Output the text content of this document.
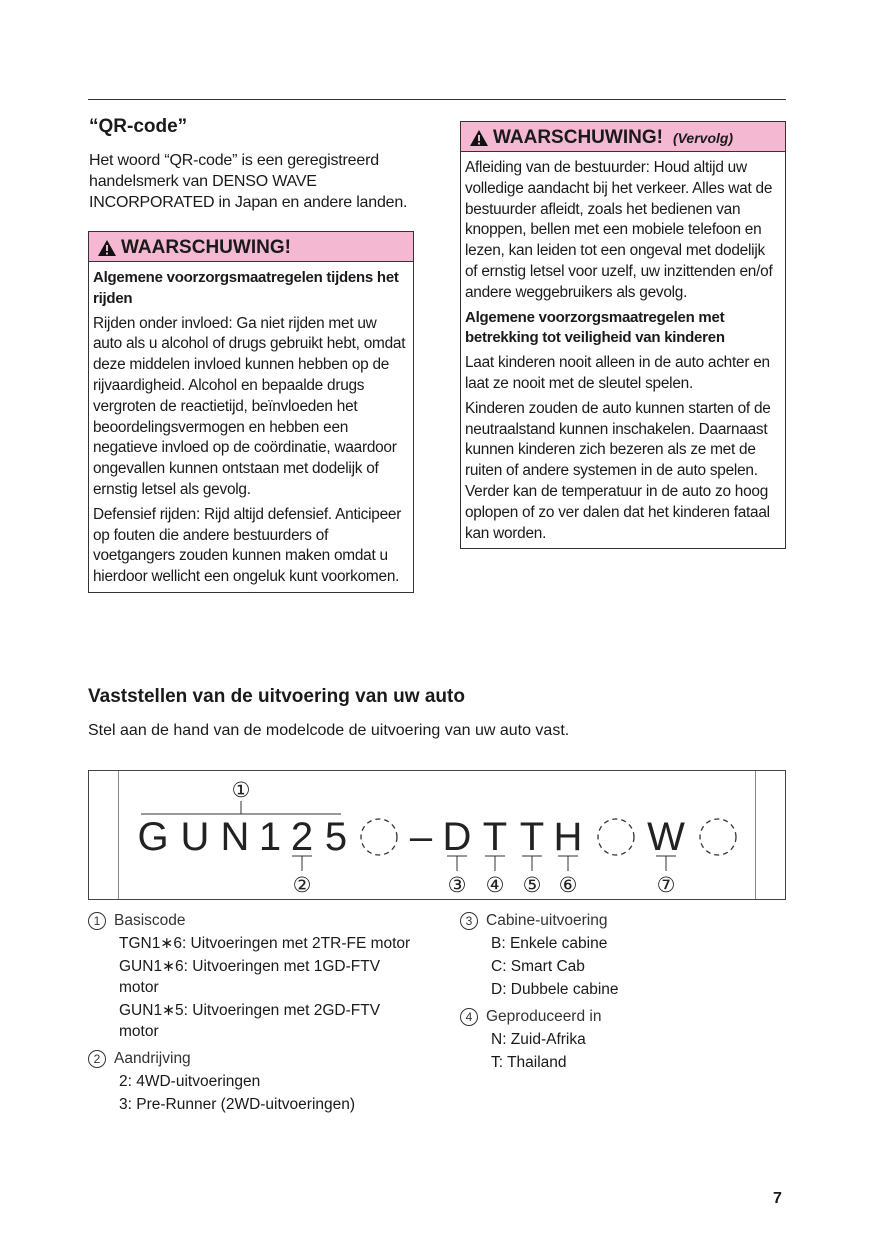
“QR-code”

Het woord “QR-code” is een geregistreerd handelsmerk van DENSO WAVE INCORPORATED in Japan en andere landen.

WAARSCHUWING!

Algemene voorzorgsmaatregelen tijdens het rijden

Rijden onder invloed: Ga niet rijden met uw auto als u alcohol of drugs gebruikt hebt, omdat deze middelen invloed kunnen hebben op de rijvaardigheid. Alcohol en bepaalde drugs vergroten de reactietijd, beïnvloeden het beoordelingsvermogen en hebben een negatieve invloed op de coördinatie, waardoor ongevallen kunnen ontstaan met dodelijk of ernstig letsel als gevolg.

Defensief rijden: Rijd altijd defensief. Anticipeer op fouten die andere bestuurders of voetgangers zouden kunnen maken omdat u hierdoor wellicht een ongeluk kunt voorkomen.

WAARSCHUWING! (Vervolg)

Afleiding van de bestuurder: Houd altijd uw volledige aandacht bij het verkeer. Alles wat de bestuurder afleidt, zoals het bedienen van knoppen, bellen met een mobiele telefoon en lezen, kan leiden tot een ongeval met dodelijk of ernstig letsel voor uzelf, uw inzittenden en/of andere weggebruikers als gevolg.

Algemene voorzorgsmaatregelen met betrekking tot veiligheid van kinderen

Laat kinderen nooit alleen in de auto achter en laat ze nooit met de sleutel spelen.

Kinderen zouden de auto kunnen starten of de neutraalstand kunnen inschakelen. Daarnaast kunnen kinderen zich bezeren als ze met de ruiten of andere systemen in de auto spelen. Verder kan de temperatuur in de auto zo hoog oplopen of zo ver dalen dat het kinderen fataal kan worden.

Vaststellen van de uitvoering van uw auto

Stel aan de hand van de modelcode de uitvoering van uw auto vast.

G U N 1 2 5 – D T T H W
①
②	③ ④ ⑤ ⑥	⑦
1 Basiscode
TGN1∗6: Uitvoeringen met 2TR-FE motor
GUN1∗6: Uitvoeringen met 1GD-FTV motor
GUN1∗5: Uitvoeringen met 2GD-FTV motor
2 Aandrijving
2: 4WD-uitvoeringen
3: Pre-Runner (2WD-uitvoeringen)
3 Cabine-uitvoering
B: Enkele cabine
C: Smart Cab
D: Dubbele cabine
4 Geproduceerd in
N: Zuid-Afrika
T: Thailand
7
